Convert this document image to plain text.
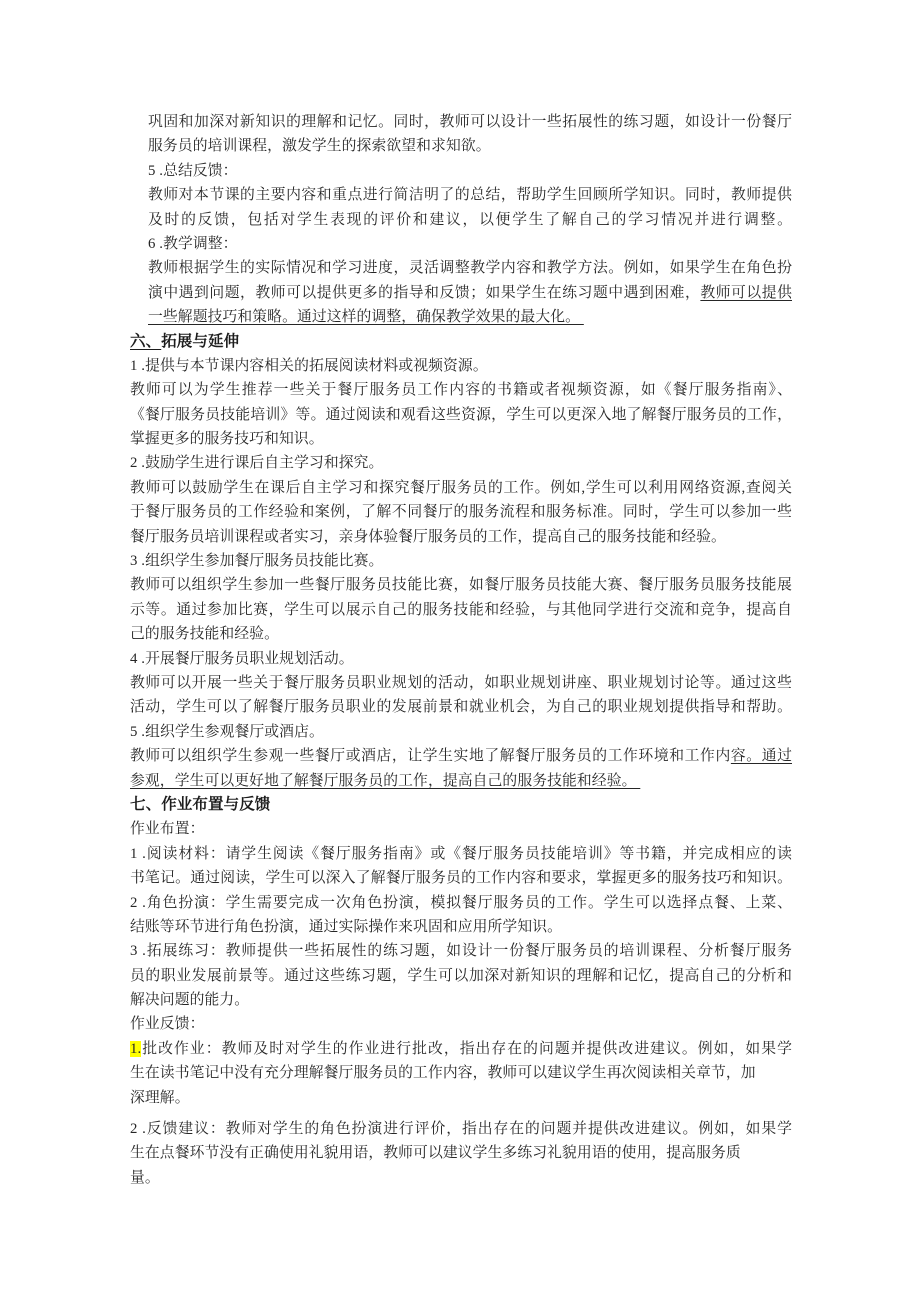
巩固和加深对新知识的理解和记忆。同时，教师可以设计一些拓展性的练习题，如设计一份餐厅
服务员的培训课程，激发学生的探索欲望和求知欲。
5 .总结反馈：
教师对本节课的主要内容和重点进行简洁明了的总结，帮助学生回顾所学知识。同时，教师提供
及时的反馈，包括对学生表现的评价和建议，以便学生了解自己的学习情况并进行调整。
6 .教学调整：
教师根据学生的实际情况和学习进度，灵活调整教学内容和教学方法。例如，如果学生在角色扮
演中遇到问题，教师可以提供更多的指导和反馈；如果学生在练习题中遇到困难，教师可以提供
一些解题技巧和策略。通过这样的调整，确保教学效果的最大化。
六、拓展与延伸
1 .提供与本节课内容相关的拓展阅读材料或视频资源。
教师可以为学生推荐一些关于餐厅服务员工作内容的书籍或者视频资源，如《餐厅服务指南》、
《餐厅服务员技能培训》等。通过阅读和观看这些资源，学生可以更深入地了解餐厅服务员的工作，
掌握更多的服务技巧和知识。
2 .鼓励学生进行课后自主学习和探究。
教师可以鼓励学生在课后自主学习和探究餐厅服务员的工作。例如,学生可以利用网络资源,查阅关
于餐厅服务员的工作经验和案例，了解不同餐厅的服务流程和服务标准。同时，学生可以参加一些
餐厅服务员培训课程或者实习，亲身体验餐厅服务员的工作，提高自己的服务技能和经验。
3 .组织学生参加餐厅服务员技能比赛。
教师可以组织学生参加一些餐厅服务员技能比赛，如餐厅服务员技能大赛、餐厅服务员服务技能展
示等。通过参加比赛，学生可以展示自己的服务技能和经验，与其他同学进行交流和竞争，提高自
己的服务技能和经验。
4 .开展餐厅服务员职业规划活动。
教师可以开展一些关于餐厅服务员职业规划的活动，如职业规划讲座、职业规划讨论等。通过这些
活动，学生可以了解餐厅服务员职业的发展前景和就业机会，为自己的职业规划提供指导和帮助。
5 .组织学生参观餐厅或酒店。
教师可以组织学生参观一些餐厅或酒店，让学生实地了解餐厅服务员的工作环境和工作内容。通过
参观，学生可以更好地了解餐厅服务员的工作，提高自己的服务技能和经验。
七、作业布置与反馈
作业布置：
1 .阅读材料：请学生阅读《餐厅服务指南》或《餐厅服务员技能培训》等书籍，并完成相应的读
书笔记。通过阅读，学生可以深入了解餐厅服务员的工作内容和要求，掌握更多的服务技巧和知识。
2 .角色扮演：学生需要完成一次角色扮演，模拟餐厅服务员的工作。学生可以选择点餐、上菜、
结账等环节进行角色扮演，通过实际操作来巩固和应用所学知识。
3 .拓展练习：教师提供一些拓展性的练习题，如设计一份餐厅服务员的培训课程、分析餐厅服务
员的职业发展前景等。通过这些练习题，学生可以加深对新知识的理解和记忆，提高自己的分析和
解决问题的能力。
作业反馈：
1.批改作业：教师及时对学生的作业进行批改，指出存在的问题并提供改进建议。例如，如果学
生在读书笔记中没有充分理解餐厅服务员的工作内容，教师可以建议学生再次阅读相关章节，加
深理解。
2 .反馈建议：教师对学生的角色扮演进行评价，指出存在的问题并提供改进建议。例如，如果学
生在点餐环节没有正确使用礼貌用语，教师可以建议学生多练习礼貌用语的使用，提高服务质
量。
